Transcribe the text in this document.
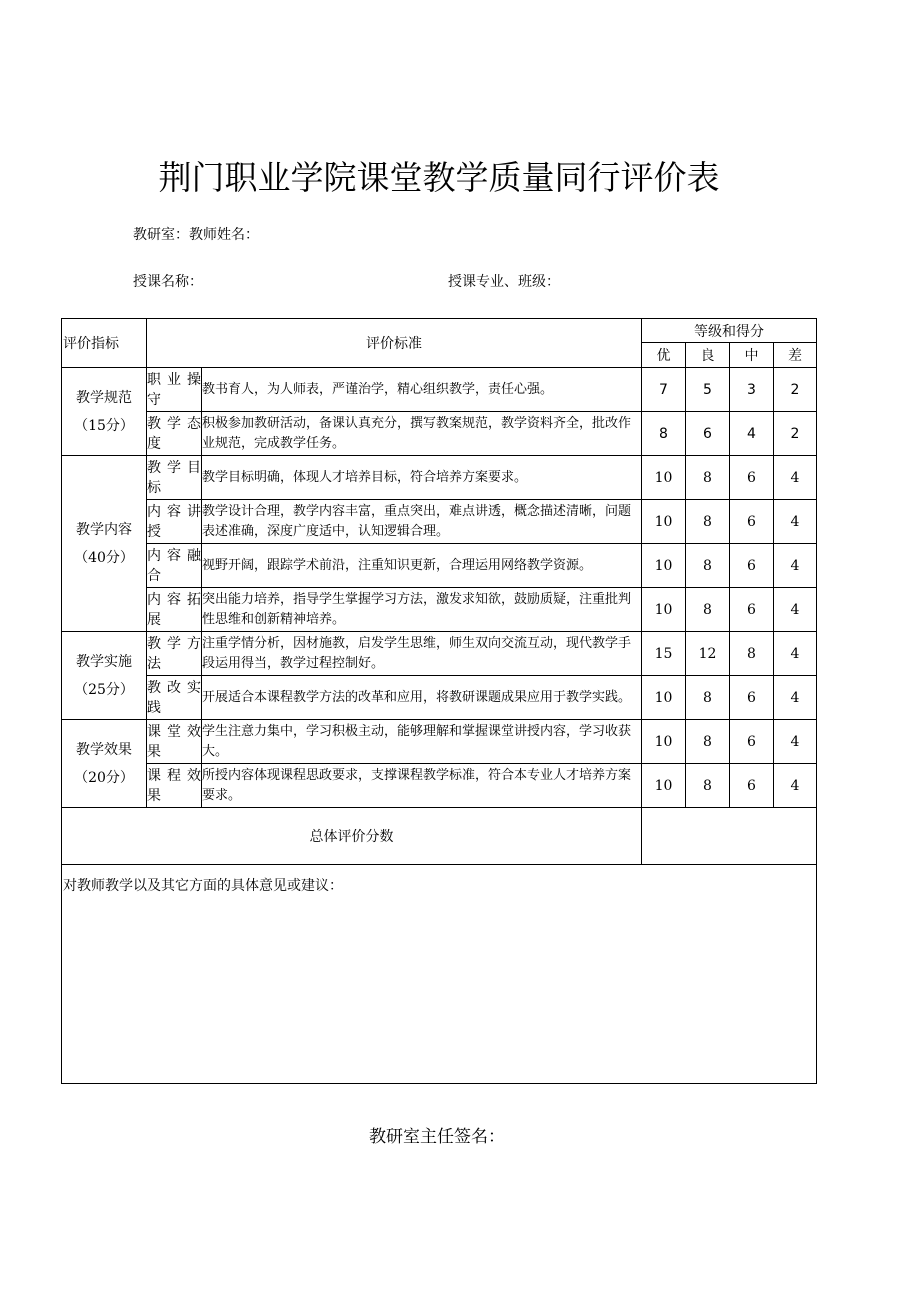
荆门职业学院课堂教学质量同行评价表
教研室：教师姓名：
授课名称：	授课专业、班级：
评价指标	评价标准		等级和得分			
			优	良	中	差
教学规范（15分）	职业操守	教书育人，为人师表，严谨治学，精心组织教学，责任心强。	7	5	3	2
	教学态度	积极参加教研活动，备课认真充分，撰写教案规范，教学资料齐全，批改作业规范，完成教学任务。	8	6	4	2
教学内容（40分）	教学目标	教学目标明确，体现人才培养目标，符合培养方案要求。	10	8	6	4
	内容讲授	教学设计合理，教学内容丰富，重点突出，难点讲透，概念描述清晰，问题表述准确，深度广度适中，认知逻辑合理。	10	8	6	4
	内容融合	视野开阔，跟踪学术前沿，注重知识更新，合理运用网络教学资源。	10	8	6	4
	内容拓展	突出能力培养，指导学生掌握学习方法，激发求知欲，鼓励质疑，注重批判性思维和创新精神培养。	10	8	6	4
教学实施（25分）	教学方法	注重学情分析，因材施教，启发学生思维，师生双向交流互动，现代教学手段运用得当，教学过程控制好。	15	12	8	4
	教改实践	开展适合本课程教学方法的改革和应用，将教研课题成果应用于教学实践。	10	8	6	4
教学效果（20分）	课堂效果	学生注意力集中，学习积极主动，能够理解和掌握课堂讲授内容，学习收获大。	10	8	6	4
	课程效果	所授内容体现课程思政要求，支撑课程教学标准，符合本专业人才培养方案要求。	10	8	6	4
总体评价分数						
对教师教学以及其它方面的具体意见或建议：						
教研室主任签名：
